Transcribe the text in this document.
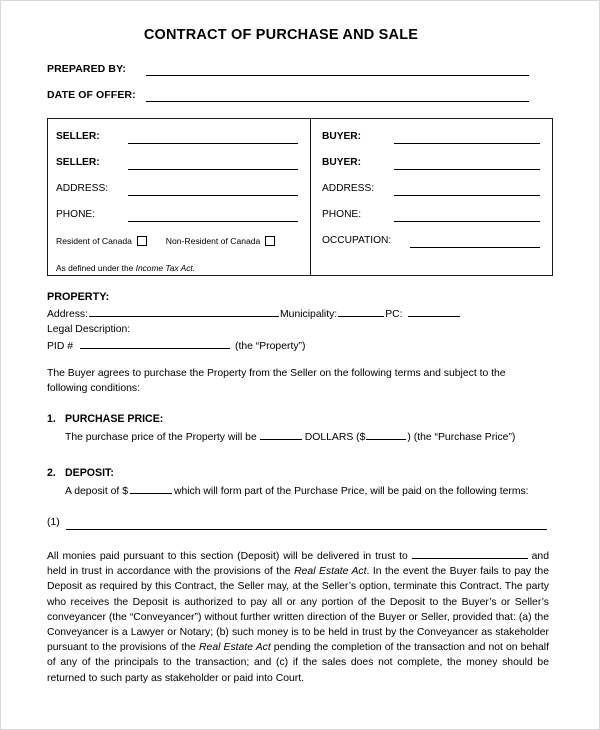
CONTRACT OF PURCHASE AND SALE
PREPARED BY:
DATE OF OFFER:
SELLER:
SELLER:
ADDRESS:
PHONE:
Resident of Canada
	Non-Resident of Canada
As defined under the Income Tax Act.
BUYER:
BUYER:
ADDRESS:
PHONE:
OCCUPATION:
PROPERTY:
Address:	Municipality:	PC:
Legal Description:
PID #	(the “Property”)
The Buyer agrees to purchase the Property from the Seller on the following terms and subject to the following conditions:
1. PURCHASE PRICE:
The purchase price of the Property will be	DOLLARS ($	) (the “Purchase Price”)
2. DEPOSIT:
A deposit of $	which will form part of the Purchase Price, will be paid on the following terms:
(1)
All monies paid pursuant to this section (Deposit) will be delivered in trust to	and held in trust in accordance with the provisions of the Real Estate Act. In the event the Buyer fails to pay the Deposit as required by this Contract, the Seller may, at the Seller’s option, terminate this Contract. The party who receives the Deposit is authorized to pay all or any portion of the Deposit to the Buyer’s or Seller’s conveyancer (the “Conveyancer”) without further written direction of the Buyer or Seller, provided that: (a) the Conveyancer is a Lawyer or Notary; (b) such money is to be held in trust by the Conveyancer as stakeholder pursuant to the provisions of the Real Estate Act pending the completion of the transaction and not on behalf of any of the principals to the transaction; and (c) if the sales does not complete, the money should be returned to such party as stakeholder or paid into Court.
